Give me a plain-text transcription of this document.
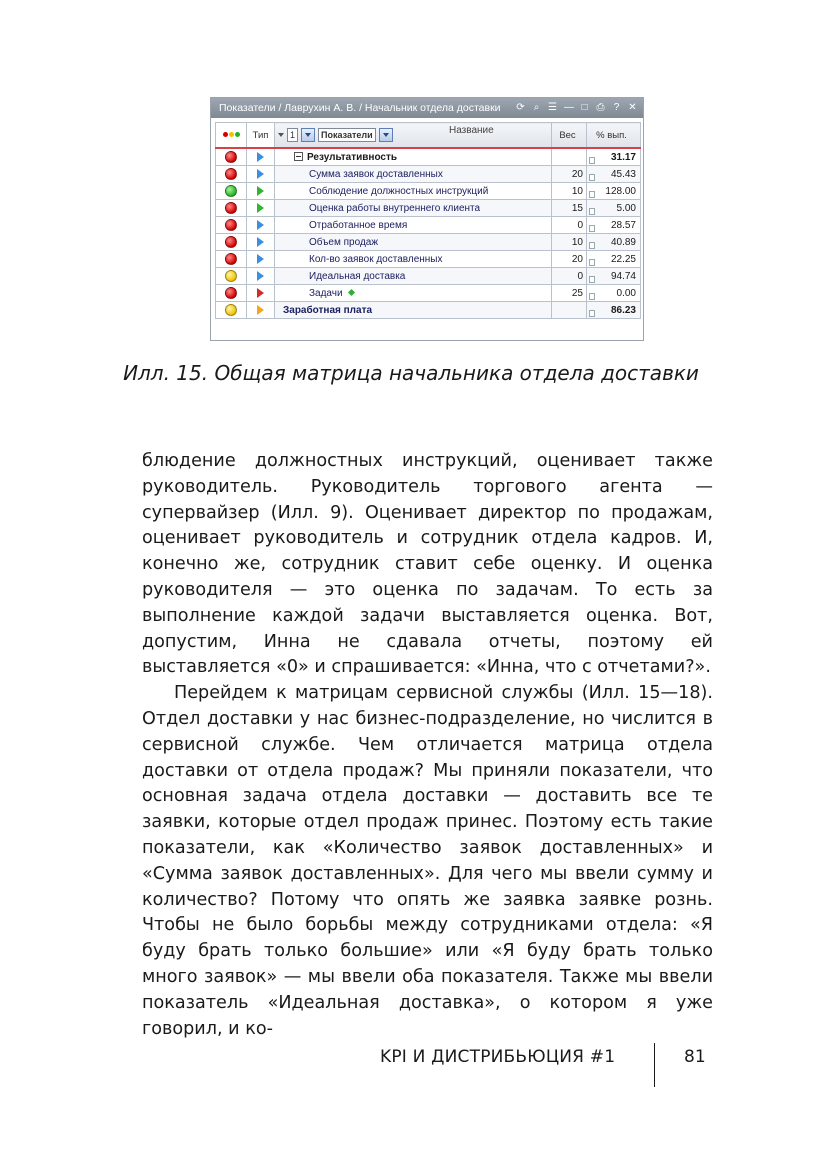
Показатели / Лаврухин А. В. / Начальник отдела доставки ⟳ ⌕ ☰ — □ ⎙ ? ✕
	Тип	1 Показатели Название	Вес	% вып.
		Результативность		31.17
		Сумма заявок доставленных	20	45.43
		Соблюдение должностных инструкций	10	128.00
		Оценка работы внутреннего клиента	15	5.00
		Отработанное время	0	28.57
		Объем продаж	10	40.89
		Кол-во заявок доставленных	20	22.25
		Идеальная доставка	0	94.74
		Задачи	25	0.00
		Заработная плата		86.23
Илл. 15. Общая матрица начальника отдела доставки

блюдение должностных инструкций, оценивает также руководитель. Руководитель торгового агента — супервайзер (Илл. 9). Оценивает директор по продажам, оценивает руководитель и сотрудник отдела кадров. И, конечно же, сотрудник ставит себе оценку. И оценка руководителя — это оценка по задачам. То есть за выполнение каждой задачи выставляется оценка. Вот, допустим, Инна не сдавала отчеты, поэтому ей выставляется «0» и спрашивается: «Инна, что с отчетами?».

Перейдем к матрицам сервисной службы (Илл. 15—18). Отдел доставки у нас бизнес-подразделение, но числится в сервисной службе. Чем отличается матрица отдела доставки от отдела продаж? Мы приняли показатели, что основная задача отдела доставки — доставить все те заявки, которые отдел продаж принес. Поэтому есть такие показатели, как «Количество заявок доставленных» и «Сумма заявок доставленных». Для чего мы ввели сумму и количество? Потому что опять же заявка заявке рознь. Чтобы не было борьбы между сотрудниками отдела: «Я буду брать только большие» или «Я буду брать только много заявок» — мы ввели оба показателя. Также мы ввели показатель «Идеальная доставка», о котором я уже говорил, и ко-

KPI И ДИСТРИБЬЮЦИЯ #1	81
